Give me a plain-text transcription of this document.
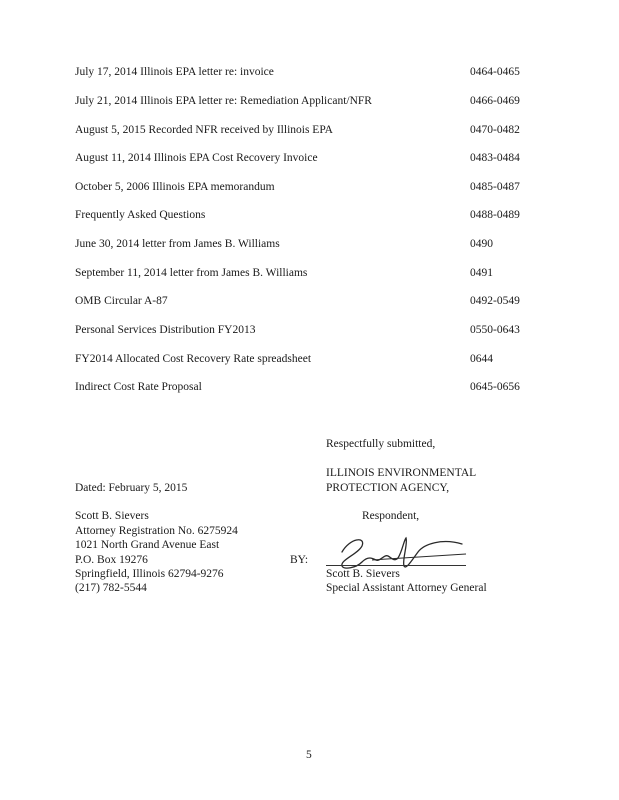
July 17, 2014 Illinois EPA letter re: invoice	0464-0465
July 21, 2014 Illinois EPA letter re: Remediation Applicant/NFR	0466-0469
August 5, 2015 Recorded NFR received by Illinois EPA	0470-0482
August 11, 2014 Illinois EPA Cost Recovery Invoice	0483-0484
October 5, 2006 Illinois EPA memorandum	0485-0487
Frequently Asked Questions	0488-0489
June 30, 2014 letter from James B. Williams	0490
September 11, 2014 letter from James B. Williams	0491
OMB Circular A-87	0492-0549
Personal Services Distribution FY2013	0550-0643
FY2014 Allocated Cost Recovery Rate spreadsheet	0644
Indirect Cost Rate Proposal	0645-0656
Respectfully submitted,
ILLINOIS ENVIRONMENTAL
PROTECTION AGENCY,
Dated: February 5, 2015
Respondent,
Scott B. Sievers
Attorney Registration No. 6275924
1021 North Grand Avenue East
P.O. Box 19276
Springfield, Illinois 62794-9276
(217) 782-5544
BY:
Scott B. Sievers
Special Assistant Attorney General
5
